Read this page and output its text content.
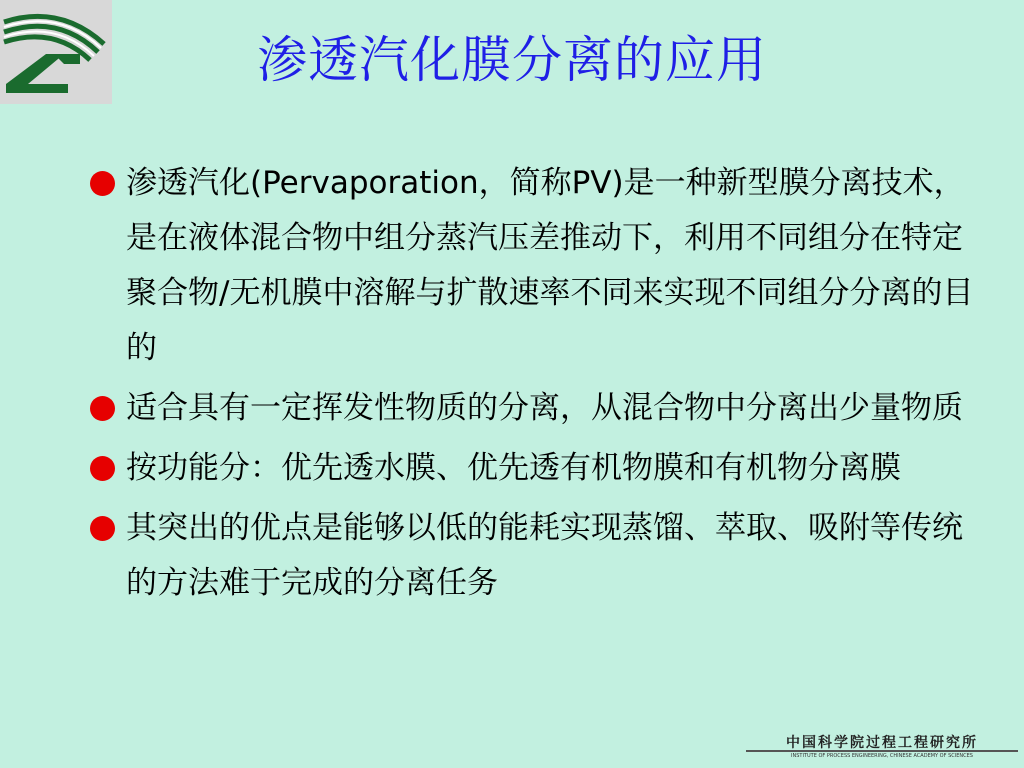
渗透汽化膜分离的应用
渗透汽化(Pervaporation，简称PV)是一种新型膜分离技术，是在液体混合物中组分蒸汽压差推动下，利用不同组分在特定聚合物/无机膜中溶解与扩散速率不同来实现不同组分分离的目的
适合具有一定挥发性物质的分离，从混合物中分离出少量物质
按功能分：优先透水膜、优先透有机物膜和有机物分离膜
其突出的优点是能够以低的能耗实现蒸馏、萃取、吸附等传统的方法难于完成的分离任务
中国科学院过程工程研究所
INSTITUTE OF PROCESS ENGINEERING, CHINESE ACADEMY OF SCIENCES
